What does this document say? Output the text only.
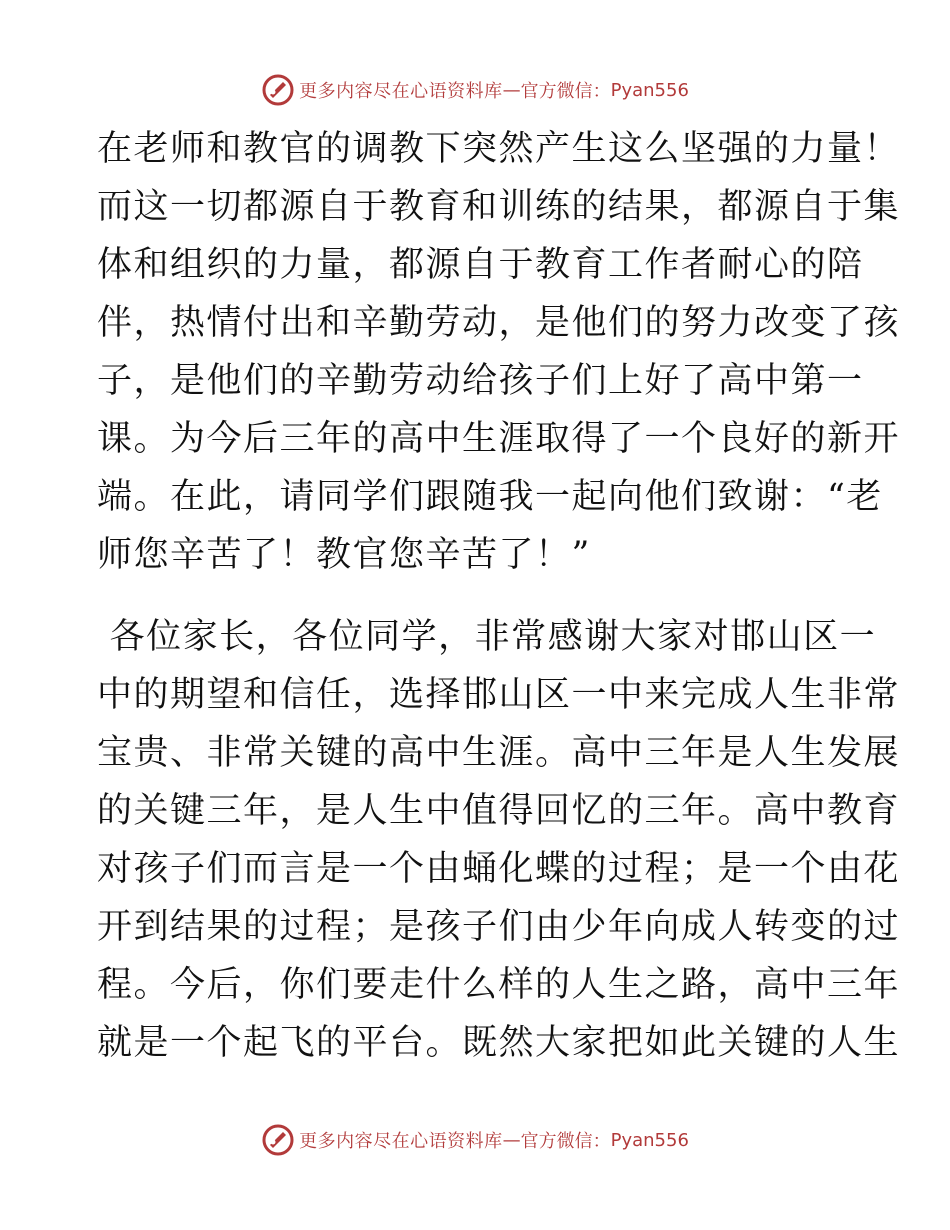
更多内容尽在心语资料库 — 官方微信： Pyan556
在老师和教官的调教下突然产生这么坚强的力量！
而这一切都源自于教育和训练的结果，都源自于集
体和组织的力量，都源自于教育工作者耐心的陪
伴，热情付出和辛勤劳动，是他们的努力改变了孩
子，是他们的辛勤劳动给孩子们上好了高中第一
课。为今后三年的高中生涯取得了一个良好的新开
端。在此，请同学们跟随我一起向他们致谢：“老
师您辛苦了！教官您辛苦了！”
各位家长，各位同学，非常感谢大家对邯山区一
中的期望和信任，选择邯山区一中来完成人生非常
宝贵、非常关键的高中生涯。高中三年是人生发展
的关键三年，是人生中值得回忆的三年。高中教育
对孩子们而言是一个由蛹化蝶的过程；是一个由花
开到结果的过程；是孩子们由少年向成人转变的过
程。今后，你们要走什么样的人生之路，高中三年
就是一个起飞的平台。既然大家把如此关键的人生
更多内容尽在心语资料库 — 官方微信： Pyan556
